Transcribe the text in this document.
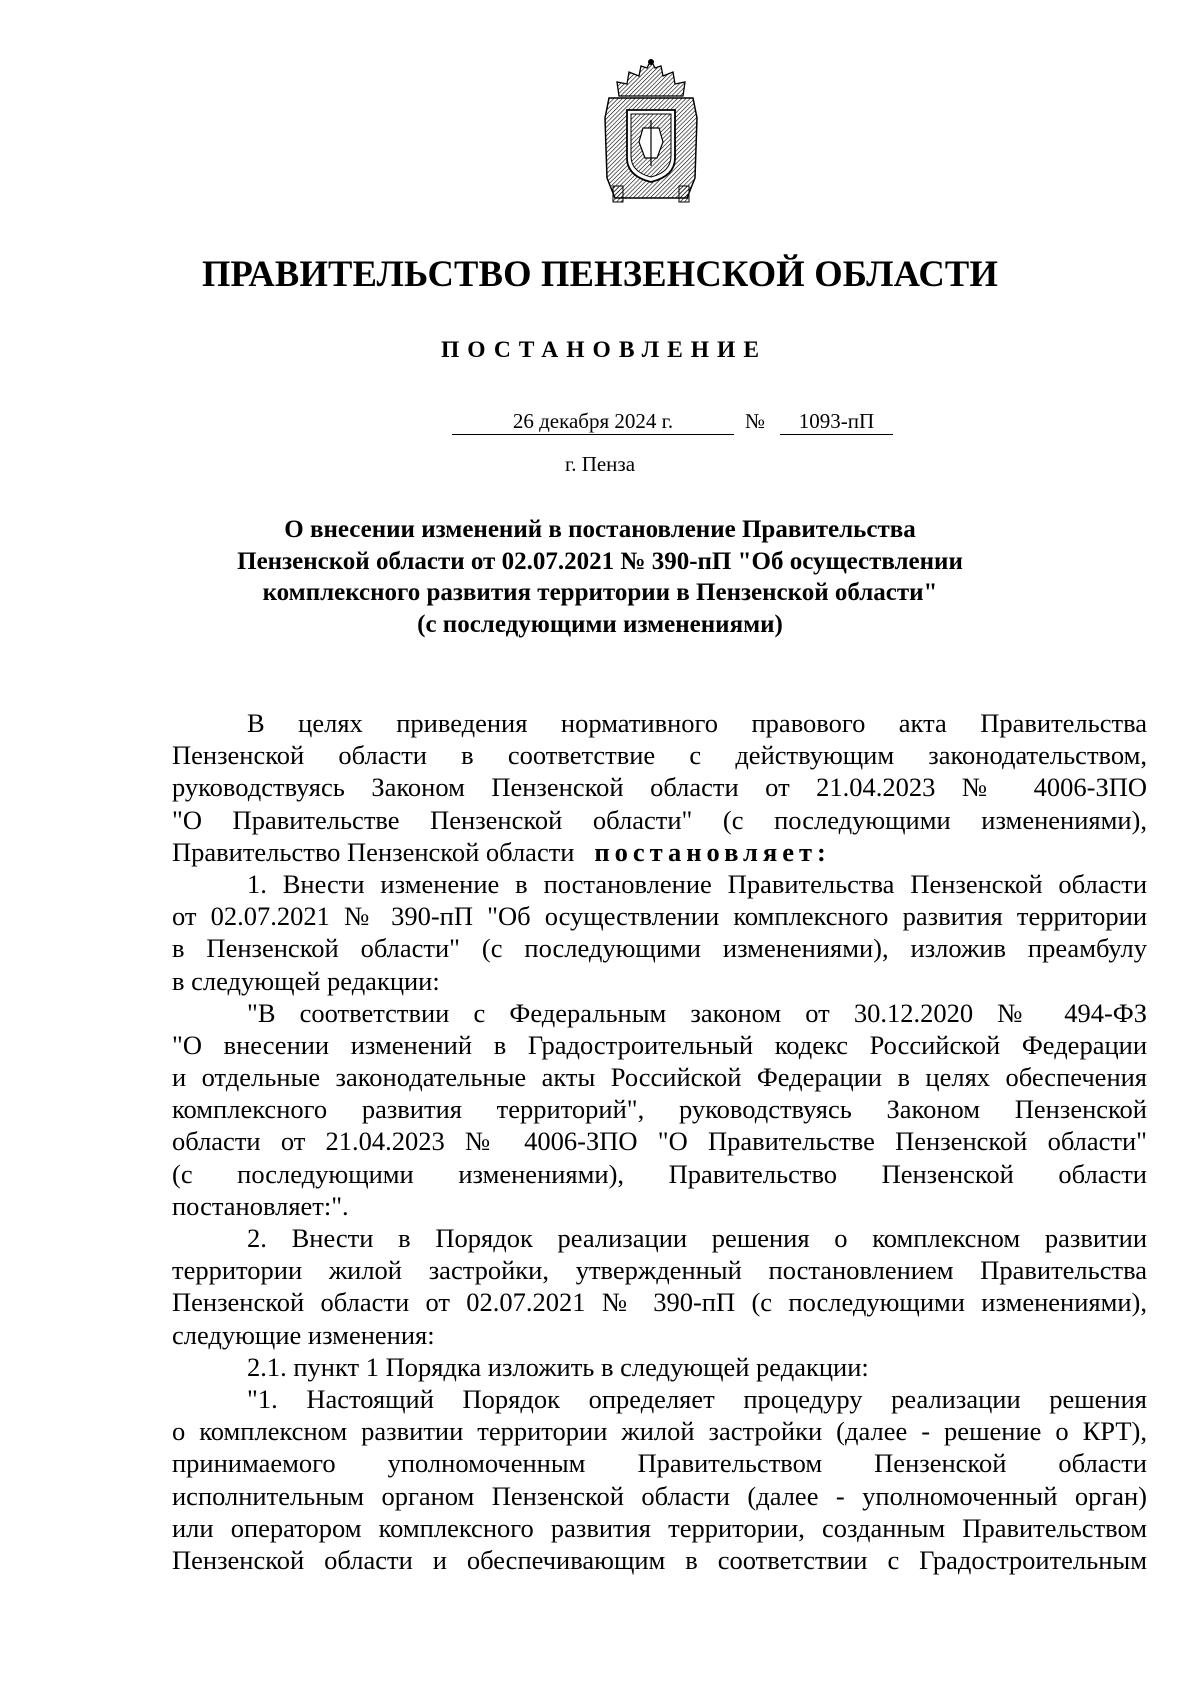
ПРАВИТЕЛЬСТВО ПЕНЗЕНСКОЙ ОБЛАСТИ
ПОСТАНОВЛЕНИЕ
26 декабря 2024 г.	№	1093-пП
г. Пенза
О внесении изменений в постановление Правительства
Пензенской области от 02.07.2021 № 390-пП "Об осуществлении
комплексного развития территории в Пензенской области"
(с последующими изменениями)
В целях приведения нормативного правового акта Правительства
Пензенской области в соответствие с действующим законодательством,
руководствуясь Законом Пензенской области от 21.04.2023 № 4006-ЗПО
"О Правительстве Пензенской области" (с последующими изменениями),
Правительство Пензенской области постановляет:
1. Внести изменение в постановление Правительства Пензенской области
от 02.07.2021 № 390-пП "Об осуществлении комплексного развития территории
в Пензенской области" (с последующими изменениями), изложив преамбулу
в следующей редакции:
"В соответствии с Федеральным законом от 30.12.2020 № 494-ФЗ
"О внесении изменений в Градостроительный кодекс Российской Федерации
и отдельные законодательные акты Российской Федерации в целях обеспечения
комплексного развития территорий", руководствуясь Законом Пензенской
области от 21.04.2023 № 4006-ЗПО "О Правительстве Пензенской области"
(с последующими изменениями), Правительство Пензенской области
постановляет:".
2. Внести в Порядок реализации решения о комплексном развитии
территории жилой застройки, утвержденный постановлением Правительства
Пензенской области от 02.07.2021 № 390-пП (с последующими изменениями),
следующие изменения:
2.1. пункт 1 Порядка изложить в следующей редакции:
"1. Настоящий Порядок определяет процедуру реализации решения
о комплексном развитии территории жилой застройки (далее - решение о КРТ),
принимаемого уполномоченным Правительством Пензенской области
исполнительным органом Пензенской области (далее - уполномоченный орган)
или оператором комплексного развития территории, созданным Правительством
Пензенской области и обеспечивающим в соответствии с Градостроительным
